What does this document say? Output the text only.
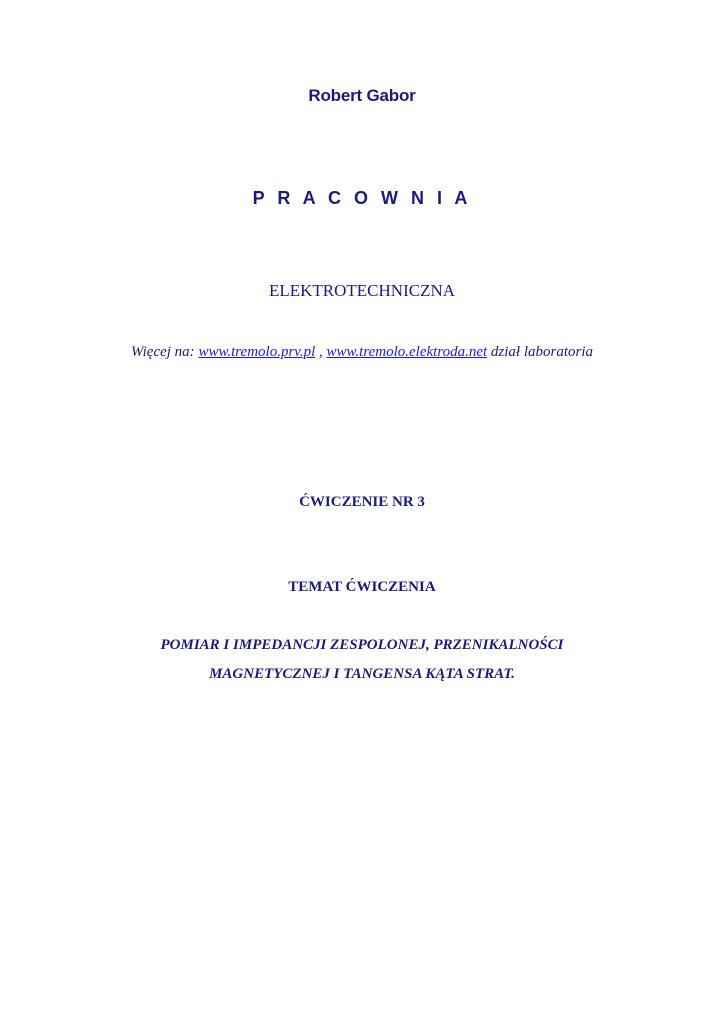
Robert Gabor
P R A C O W N I A
ELEKTROTECHNICZNA
Więcej na: www.tremolo.prv.pl , www.tremolo.elektroda.net dział laboratoria
ĆWICZENIE NR 3
TEMAT ĆWICZENIA
POMIAR I IMPEDANCJI ZESPOLONEJ, PRZENIKALNOŚCI
MAGNETYCZNEJ I TANGENSA KĄTA STRAT.
